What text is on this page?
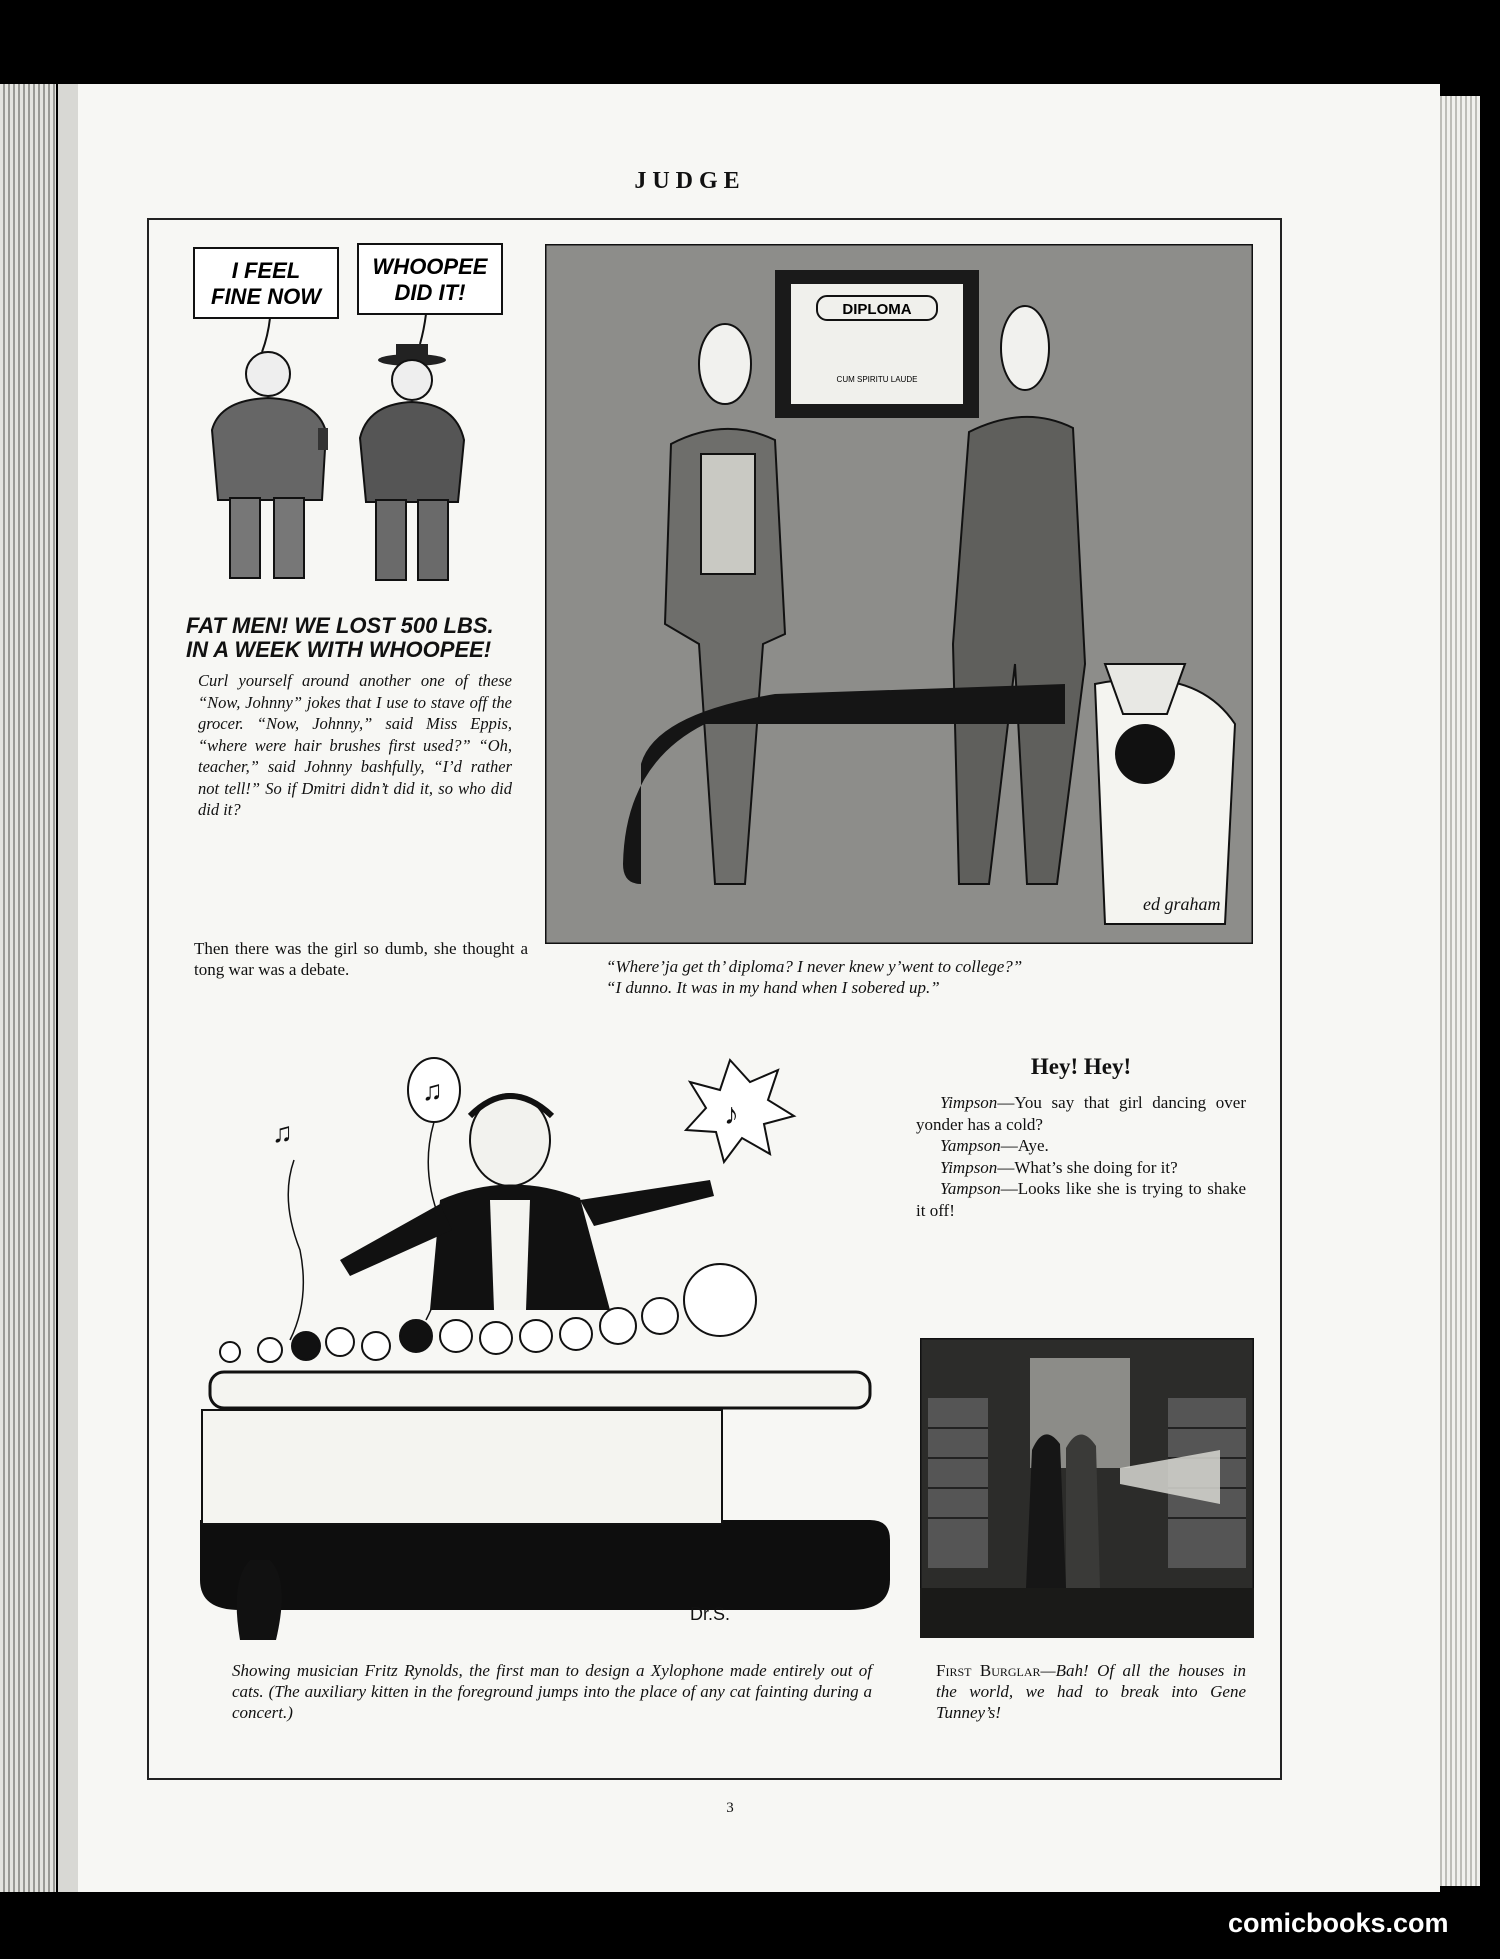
JUDGE
I FEEL
FINE NOW
WHOOPEE
DID IT!
FAT MEN! WE LOST 500 LBS.
IN A WEEK WITH WHOOPEE!
Curl yourself around another one of these “Now, Johnny” jokes that I use to stave off the grocer. “Now, Johnny,” said Miss Eppis, “where were hair brushes first used?” “Oh, teacher,” said Johnny bashfully, “I’d rather not tell!” So if Dmitri didn’t did it, so who did did it?
Then there was the girl so dumb, she thought a tong war was a debate.
DIPLOMA
CUM SPIRITU LAUDE
ed graham
“Where’ja get th’ diploma? I never knew y’went to college?”
“I dunno. It was in my hand when I sobered up.”
♫
♪
♫
Dr.S.
Showing musician Fritz Rynolds, the first man to design a Xylophone made entirely out of cats. (The auxiliary kitten in the foreground jumps into the place of any cat fainting during a concert.)
Hey! Hey!

Yimpson—You say that girl dancing over yonder has a cold?

Yampson—Aye.

Yimpson—What’s she doing for it?

Yampson—Looks like she is trying to shake it off!

First Burglar—Bah! Of all the houses in the world, we had to break into Gene Tunney’s!
3
comicbooks.com
